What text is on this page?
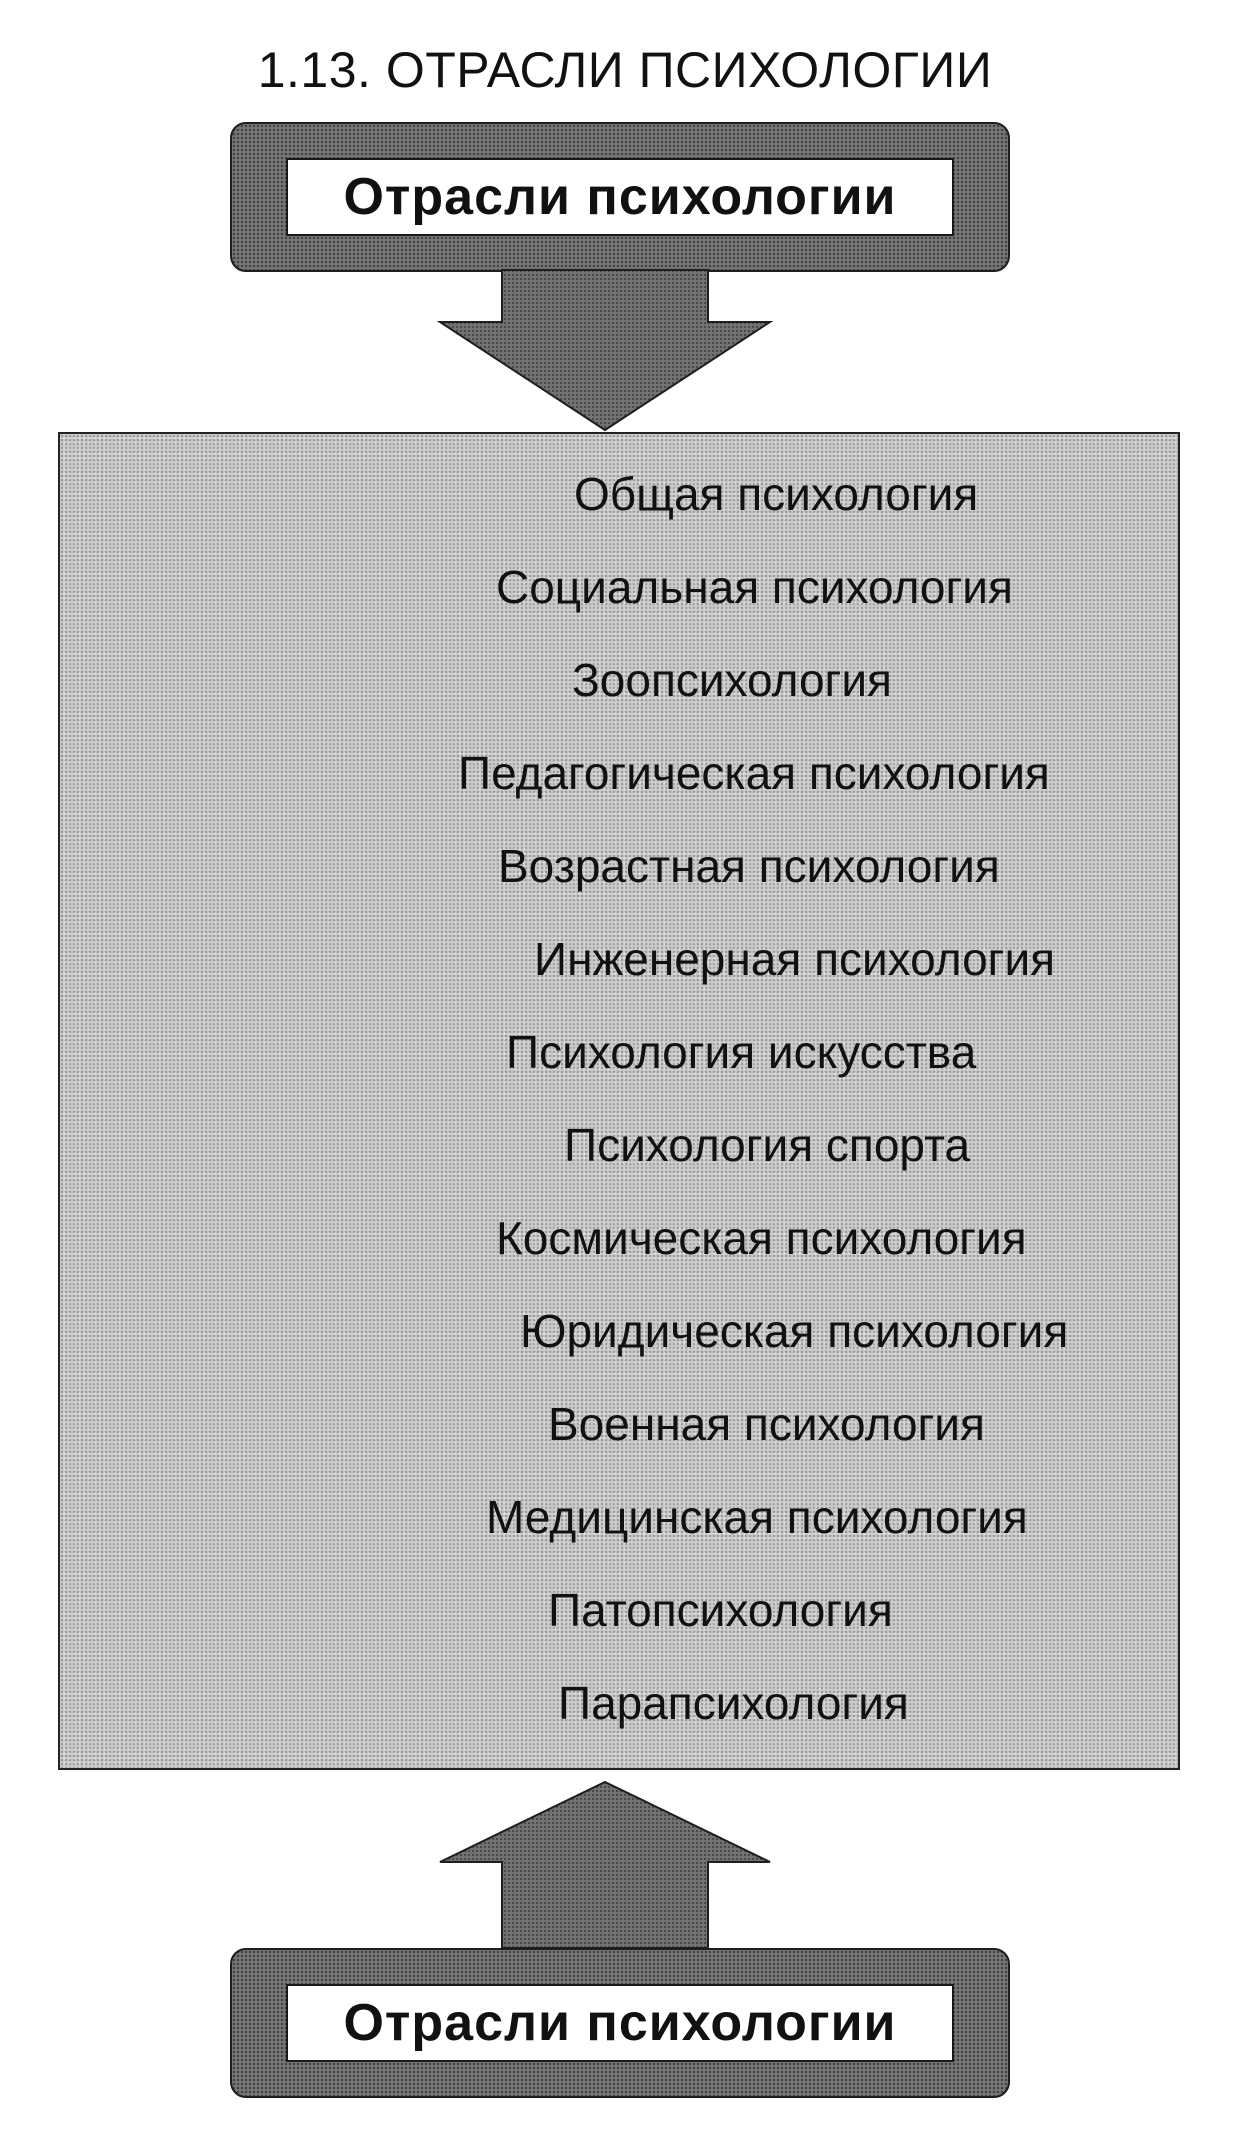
1.13. ОТРАСЛИ ПСИХОЛОГИИ
Отрасли психологии
Общая психология
Социальная психология
Зоопсихология
Педагогическая психология
Возрастная психология
Инженерная психология
Психология искусства
Психология спорта
Космическая психология
Юридическая психология
Военная психология
Медицинская психология
Патопсихология
Парапсихология
Отрасли психологии
